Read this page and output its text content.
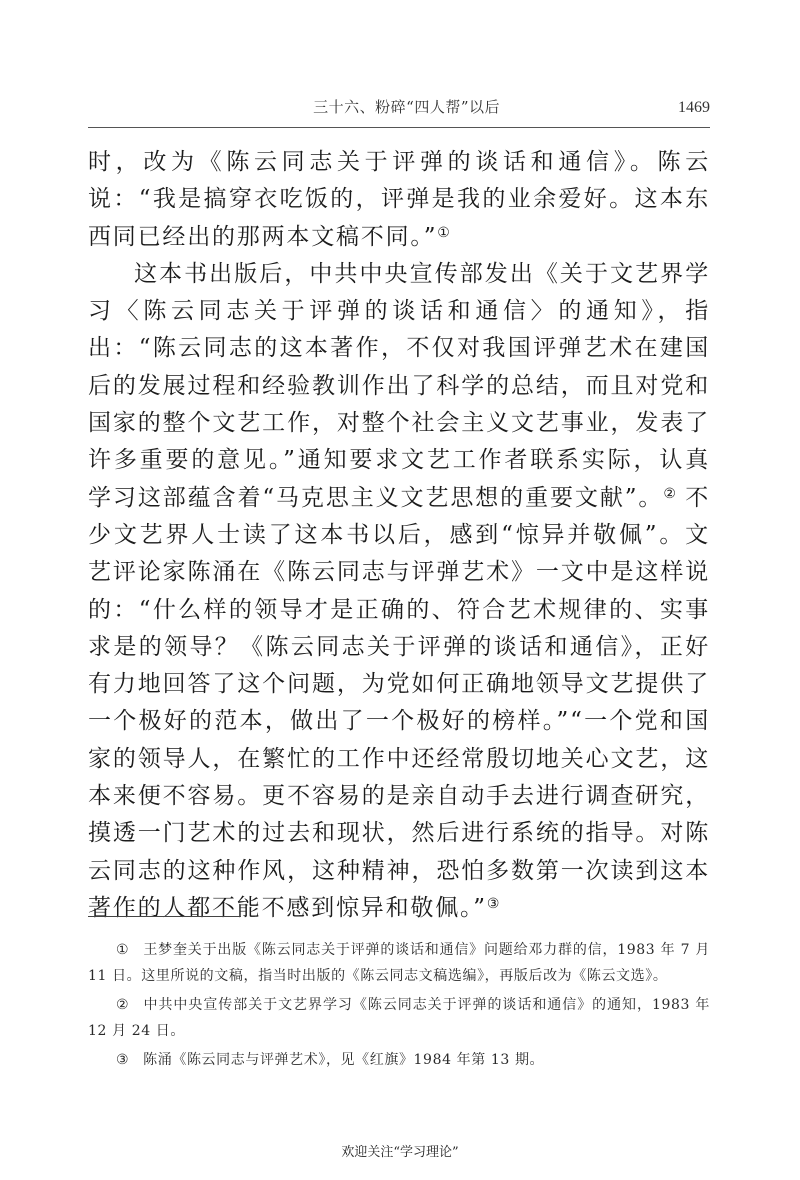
三十六、粉碎“四人帮”以后	1469

时，改为《陈云同志关于评弹的谈话和通信》。陈云说：“我是搞穿衣吃饭的，评弹是我的业余爱好。这本东西同已经出的那两本文稿不同。”①

这本书出版后，中共中央宣传部发出《关于文艺界学习〈陈云同志关于评弹的谈话和通信〉的通知》，指出：“陈云同志的这本著作，不仅对我国评弹艺术在建国后的发展过程和经验教训作出了科学的总结，而且对党和国家的整个文艺工作，对整个社会主义文艺事业，发表了许多重要的意见。”通知要求文艺工作者联系实际，认真学习这部蕴含着“马克思主义文艺思想的重要文献”。② 不少文艺界人士读了这本书以后，感到“惊异并敬佩”。文艺评论家陈涌在《陈云同志与评弹艺术》一文中是这样说的：“什么样的领导才是正确的、符合艺术规律的、实事求是的领导？《陈云同志关于评弹的谈话和通信》，正好有力地回答了这个问题，为党如何正确地领导文艺提供了一个极好的范本，做出了一个极好的榜样。”“一个党和国家的领导人，在繁忙的工作中还经常殷切地关心文艺，这本来便不容易。更不容易的是亲自动手去进行调查研究，摸透一门艺术的过去和现状，然后进行系统的指导。对陈云同志的这种作风，这种精神，恐怕多数第一次读到这本著作的人都不能不感到惊异和敬佩。”③

① 王梦奎关于出版《陈云同志关于评弹的谈话和通信》问题给邓力群的信，1983 年 7 月 11 日。这里所说的文稿，指当时出版的《陈云同志文稿选编》，再版后改为《陈云文选》。

② 中共中央宣传部关于文艺界学习《陈云同志关于评弹的谈话和通信》的通知，1983 年 12 月 24 日。

③ 陈涌《陈云同志与评弹艺术》，见《红旗》1984 年第 13 期。

欢迎关注“学习理论”
